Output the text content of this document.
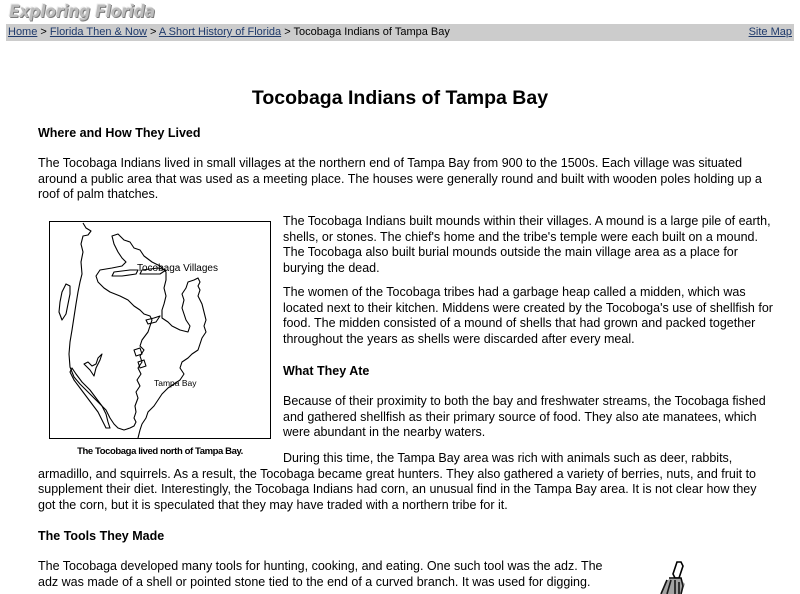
Exploring Florida
Home > Florida Then & Now > A Short History of Florida > Tocobaga Indians of Tampa Bay	Site Map
Tocobaga Indians of Tampa Bay
Where and How They Lived

The Tocobaga Indians lived in small villages at the northern end of Tampa Bay from 900 to the 1500s. Each village was situated around a public area that was used as a meeting place. The houses were generally round and built with wooden poles holding up a roof of palm thatches.

Tocobaga Villages
Tampa Bay
The Tocobaga lived north of Tampa Bay.

The Tocobaga Indians built mounds within their villages. A mound is a large pile of earth, shells, or stones. The chief's home and the tribe's temple were each built on a mound. The Tocobaga also built burial mounds outside the main village area as a place for burying the dead.

The women of the Tocobaga tribes had a garbage heap called a midden, which was located next to their kitchen. Middens were created by the Tocoboga's use of shellfish for food. The midden consisted of a mound of shells that had grown and packed together throughout the years as shells were discarded after every meal.

What They Ate

Because of their proximity to both the bay and freshwater streams, the Tocobaga fished and gathered shellfish as their primary source of food. They also ate manatees, which were abundant in the nearby waters.

During this time, the Tampa Bay area was rich with animals such as deer, rabbits,

armadillo, and squirrels. As a result, the Tocobaga became great hunters. They also gathered a variety of berries, nuts, and fruit to supplement their diet. Interestingly, the Tocobaga Indians had corn, an unusual find in the Tampa Bay area. It is not clear how they got the corn, but it is speculated that they may have traded with a northern tribe for it.

The Tools They Made

The Tocobaga developed many tools for hunting, cooking, and eating. One such tool was the adz. The adz was made of a shell or pointed stone tied to the end of a curved branch. It was used for digging.
